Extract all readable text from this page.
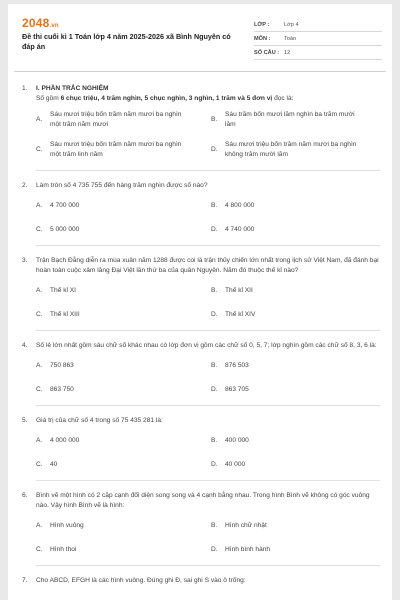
2048.vn
Đề thi cuối kì 1 Toán lớp 4 năm 2025-2026 xã Bình Nguyên có đáp án
LỚP :	Lớp 4
MÔN :	Toán
SỐ CÂU : 12
1.	I. PHẦN TRẮC NGHIỆM
Số gồm 6 chục triệu, 4 trăm nghìn, 5 chục nghìn, 3 nghìn, 1 trăm và 5 đơn vị đọc là:
A.
Sáu mươi triệu bốn trăm năm mươi ba nghìn một trăm năm mươi
B.
Sáu trăm bốn mươi lăm nghìn ba trăm mười lăm
C.
Sáu mươi triệu bốn trăm năm mươi ba nghìn một trăm linh năm
D.
Sáu mươi triệu bốn trăm năm mươi ba nghìn không trăm mười lăm
2.	Làm tròn số 4 735 755 đến hàng trăm nghìn được số nào?
A.	4 700 000	B.	4 800 000
C.	5 000 000	D.	4 740 000
3.	Trận Bạch Đằng diễn ra mùa xuân năm 1288 được coi là trận thủy chiến lớn nhất trong lịch sử Việt Nam, đã đánh bại hoàn toàn cuộc xâm lăng Đại Việt lần thứ ba của quân Nguyên. Năm đó thuộc thế kỉ nào?
A.	Thế kỉ XI	B.	Thế kỉ XII
C.	Thế kỉ XIII	D.	Thế kỉ XIV
4.	Số lẻ lớn nhất gồm sáu chữ số khác nhau có lớp đơn vị gồm các chữ số 0, 5, 7; lớp nghìn gồm các chữ số 8, 3, 6 là:
A.	750 863	B.	876 503
C.	863 750	D.	863 705
5.	Giá trị của chữ số 4 trong số 75 435 281 là:
A.	4 000 000	B.	400 000
C.	40	D.	40 000
6.	Bình vẽ một hình có 2 cặp cạnh đối diện song song và 4 cạnh bằng nhau. Trong hình Bình vẽ không có góc vuông nào. Vậy hình Bình vẽ là hình:
A.	Hình vuông	B.	Hình chữ nhật
C.	Hình thoi	D.	Hình bình hành
7.	Cho ABCD, EFGH là các hình vuông. Đúng ghi Đ, sai ghi S vào ô trống:
